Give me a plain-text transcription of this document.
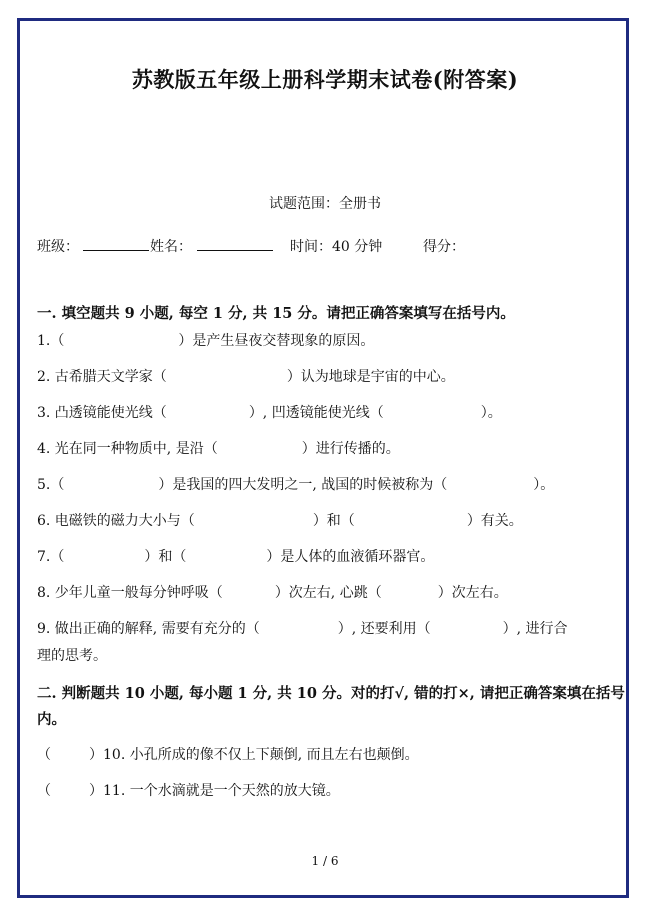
苏教版五年级上册科学期末试卷(附答案)
试题范围：全册书
班级：	姓名：	时间：40 分钟	得分：
一. 填空题共 9 小题, 每空 1 分, 共 15 分。请把正确答案填写在括号内。
1.（	）是产生昼夜交替现象的原因。
2. 古希腊天文学家（	）认为地球是宇宙的中心。
3. 凸透镜能使光线（	）, 凹透镜能使光线（	）。
4. 光在同一种物质中, 是沿（	）进行传播的。
5.（	）是我国的四大发明之一, 战国的时候被称为（	）。
6. 电磁铁的磁力大小与（	）和（	）有关。
7.（	）和（	）是人体的血液循环器官。
8. 少年儿童一般每分钟呼吸（	）次左右, 心跳（	）次左右。
9. 做出正确的解释, 需要有充分的（	）, 还要利用（	）, 进行合
理的思考。
二. 判断题共 10 小题, 每小题 1 分, 共 10 分。对的打√, 错的打×, 请把正确答案填在括号
内。
（	）10. 小孔所成的像不仅上下颠倒, 而且左右也颠倒。
（	）11. 一个水滴就是一个天然的放大镜。
1 / 6
